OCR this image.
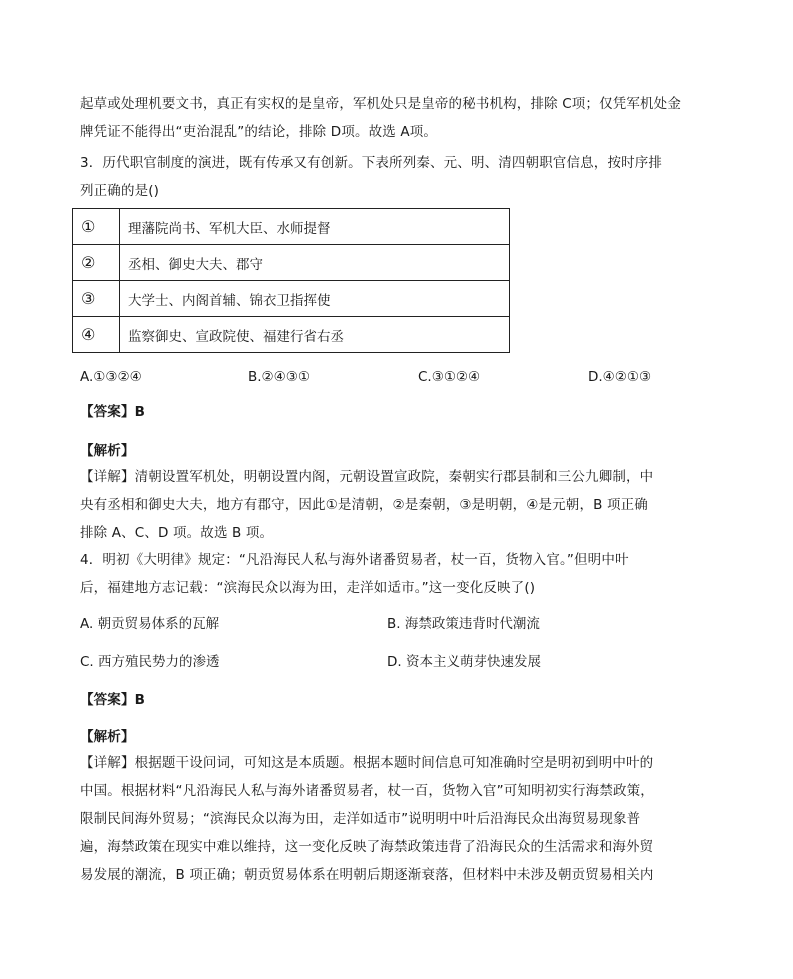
起草或处理机要文书，真正有实权的是皇帝，军机处只是皇帝的秘书机构，排除 C项；仅凭军机处金
牌凭证不能得出“吏治混乱”的结论，排除 D项。故选 A项。
3．历代职官制度的演进，既有传承又有创新。下表所列秦、元、明、清四朝职官信息，按时序排
列正确的是()
①	理藩院尚书、军机大臣、水师提督
②	丞相、御史大夫、郡守
③	大学士、内阁首辅、锦衣卫指挥使
④	监察御史、宣政院使、福建行省右丞
A.①③②④	B.②④③①	C.③①②④	D.④②①③
【答案】B
【解析】
【详解】清朝设置军机处，明朝设置内阁，元朝设置宣政院，秦朝实行郡县制和三公九卿制，中
央有丞相和御史大夫，地方有郡守，因此①是清朝，②是秦朝，③是明朝，④是元朝，B 项正确
排除 A、C、D 项。故选 B 项。
4．明初《大明律》规定：“凡沿海民人私与海外诸番贸易者，杖一百，货物入官。”但明中叶
后，福建地方志记载：“滨海民众以海为田，走洋如适市。”这一变化反映了()
A. 朝贡贸易体系的瓦解	B. 海禁政策违背时代潮流
C. 西方殖民势力的渗透	D. 资本主义萌芽快速发展
【答案】B
【解析】
【详解】根据题干设问词，可知这是本质题。根据本题时间信息可知准确时空是明初到明中叶的
中国。根据材料“凡沿海民人私与海外诸番贸易者，杖一百，货物入官”可知明初实行海禁政策，
限制民间海外贸易；“滨海民众以海为田，走洋如适市”说明明中叶后沿海民众出海贸易现象普
遍，海禁政策在现实中难以维持，这一变化反映了海禁政策违背了沿海民众的生活需求和海外贸
易发展的潮流，B 项正确；朝贡贸易体系在明朝后期逐渐衰落，但材料中未涉及朝贡贸易相关内
